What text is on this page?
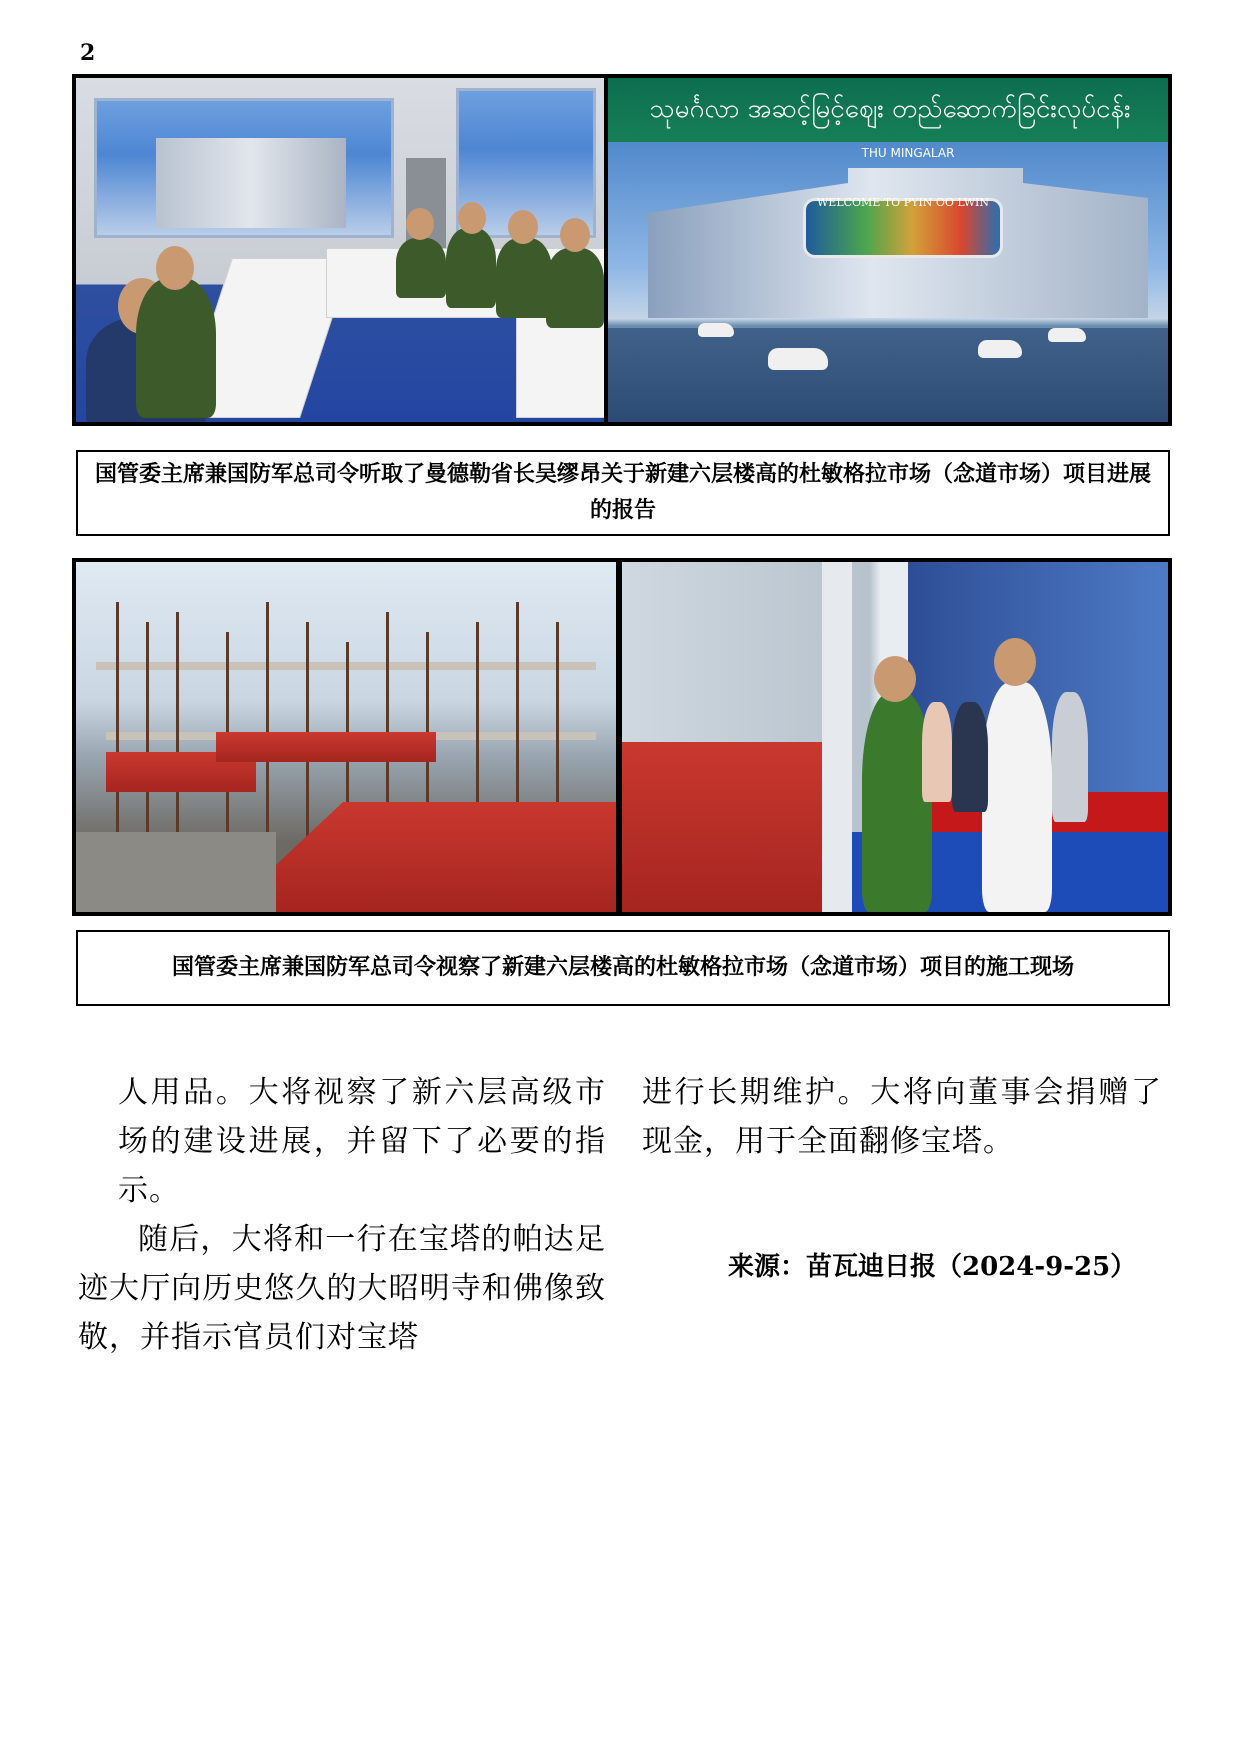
2
သုမင်္ဂလာ အဆင့်မြင့်ဈေး တည်ဆောက်ခြင်းလုပ်ငန်း
THU MINGALAR
WELCOME TO PYIN OO LWIN
国管委主席兼国防军总司令听取了曼德勒省长吴缪昂关于新建六层楼高的杜敏格拉市场（念道市场）项目进展的报告
国管委主席兼国防军总司令视察了新建六层楼高的杜敏格拉市场（念道市场）项目的施工现场

人用品。大将视察了新六层高级市场的建设进展，并留下了必要的指示。

随后，大将和一行在宝塔的帕达足迹大厅向历史悠久的大昭明寺和佛像致敬，并指示官员们对宝塔

进行长期维护。大将向董事会捐赠了现金，用于全面翻修宝塔。

来源：苗瓦迪日报（2024-9-25）
